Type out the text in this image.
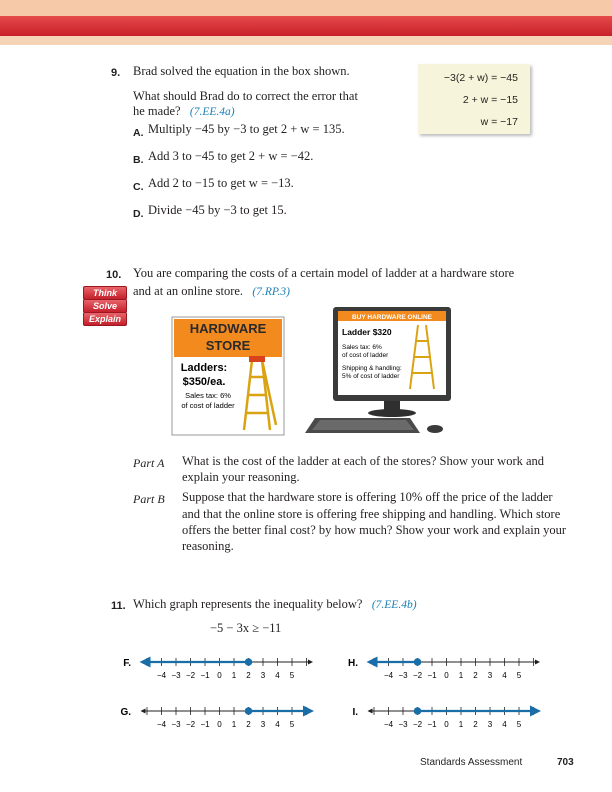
9. Brad solved the equation in the box shown.
What should Brad do to correct the error that
he made? (7.EE.4a)
−3(2 + w) = −45
2 + w = −15
w = −17
A. Multiply −45 by −3 to get 2 + w = 135.
B. Add 3 to −45 to get 2 + w = −42.
C. Add 2 to −15 to get w = −13.
D. Divide −45 by −3 to get 15.
10. You are comparing the costs of a certain model of ladder at a hardware store
and at an online store. (7.RP.3)
Think
Solve
Explain
HARDWARE
STORE
Ladders:
$350/ea.
Sales tax: 6%
of cost of ladder
BUY HARDWARE ONLINE
Ladder $320
Sales tax: 6%
of cost of ladder
Shipping & handling:
5% of cost of ladder
Part A What is the cost of the ladder at each of the stores? Show your work and
explain your reasoning.
Part B Suppose that the hardware store is offering 10% off the price of the ladder
and that the online store is offering free shipping and handling. Which store
offers the better final cost? by how much? Show your work and explain your
reasoning.
11. Which graph represents the inequality below? (7.EE.4b)
−5 − 3x ≥ −11
F.
−4 −3 −2 −1 0 1 2 3 4 5
H.
−4 −3 −2 −1 0 1 2 3 4 5
G.
−4 −3 −2 −1 0 1 2 3 4 5
I.
−4 −3 −2 −1 0 1 2 3 4 5
Standards Assessment	703
